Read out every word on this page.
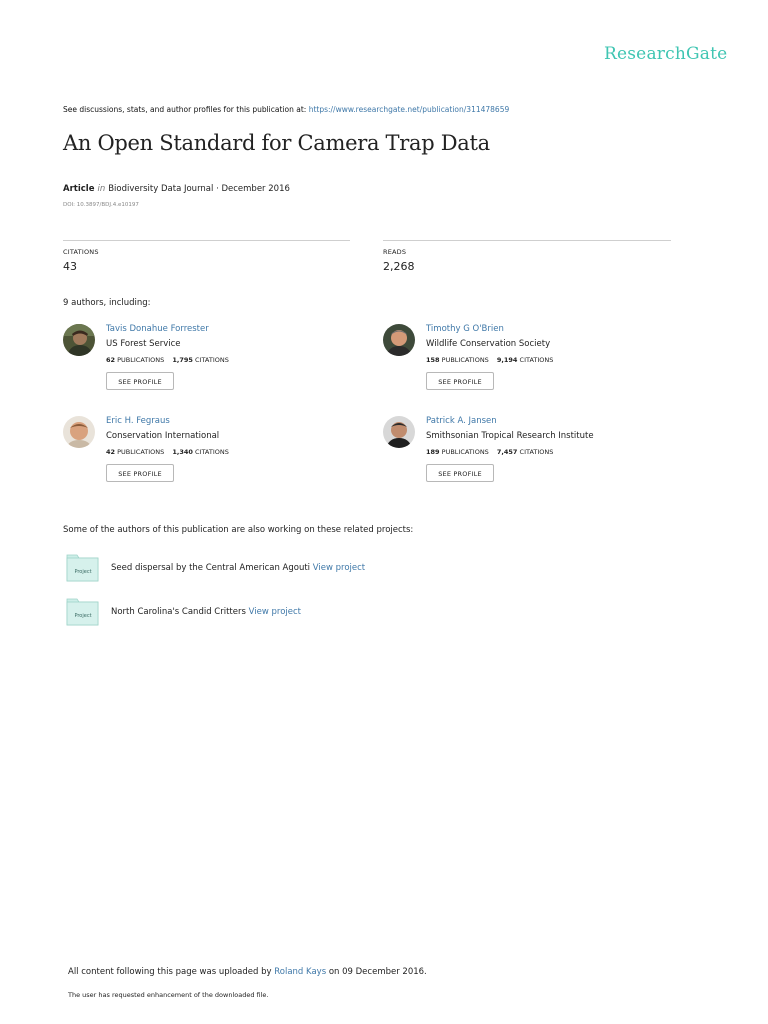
ResearchGate
See discussions, stats, and author profiles for this publication at: https://www.researchgate.net/publication/311478659
An Open Standard for Camera Trap Data
Article in Biodiversity Data Journal · December 2016
DOI: 10.3897/BDJ.4.e10197
CITATIONS
43
READS
2,268
9 authors, including:
Tavis Donahue Forrester
US Forest Service
62 PUBLICATIONS 1,795 CITATIONS
SEE PROFILE
Timothy G O'Brien
Wildlife Conservation Society
158 PUBLICATIONS 9,194 CITATIONS
SEE PROFILE
Eric H. Fegraus
Conservation International
42 PUBLICATIONS 1,340 CITATIONS
SEE PROFILE
Patrick A. Jansen
Smithsonian Tropical Research Institute
189 PUBLICATIONS 7,457 CITATIONS
SEE PROFILE
Some of the authors of this publication are also working on these related projects:
Project Seed dispersal by the Central American Agouti View project
Project North Carolina's Candid Critters View project
All content following this page was uploaded by Roland Kays on 09 December 2016.
The user has requested enhancement of the downloaded file.
